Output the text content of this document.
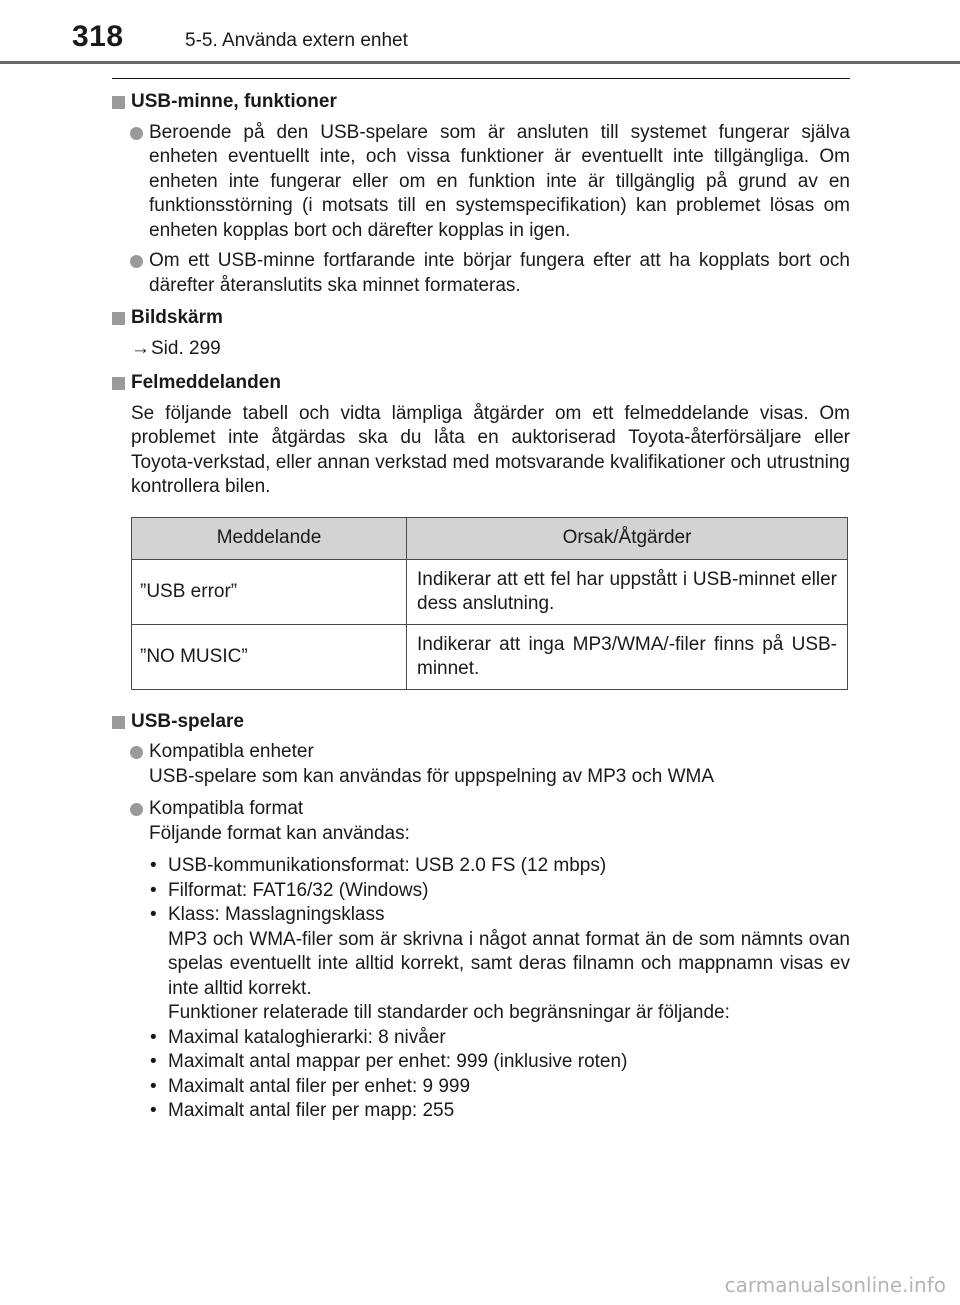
318	5-5. Använda extern enhet
USB-minne, funktioner
Beroende på den USB-spelare som är ansluten till systemet fungerar själva enheten eventuellt inte, och vissa funktioner är eventuellt inte tillgängliga. Om enheten inte fungerar eller om en funktion inte är tillgänglig på grund av en funktionsstörning (i motsats till en systemspecifikation) kan problemet lösas om enheten kopplas bort och därefter kopplas in igen.
Om ett USB-minne fortfarande inte börjar fungera efter att ha kopplats bort och därefter återanslutits ska minnet formateras.
Bildskärm
→Sid. 299
Felmeddelanden
Se följande tabell och vidta lämpliga åtgärder om ett felmeddelande visas. Om problemet inte åtgärdas ska du låta en auktoriserad Toyota-återförsäljare eller Toyota-verkstad, eller annan verkstad med motsvarande kvalifikationer och utrustning kontrollera bilen.
Meddelande	Orsak/Åtgärder
”USB error”	Indikerar att ett fel har uppstått i USB-minnet eller dess anslutning.
”NO MUSIC”	Indikerar att inga MP3/WMA/-filer finns på USB-minnet.
USB-spelare
Kompatibla enheter
USB-spelare som kan användas för uppspelning av MP3 och WMA
Kompatibla format
Följande format kan användas:
• USB-kommunikationsformat: USB 2.0 FS (12 mbps)
• Filformat: FAT16/32 (Windows)
• Klass: Masslagningsklass
MP3 och WMA-filer som är skrivna i något annat format än de som nämnts ovan spelas eventuellt inte alltid korrekt, samt deras filnamn och mappnamn visas ev inte alltid korrekt.
Funktioner relaterade till standarder och begränsningar är följande:
• Maximal kataloghierarki: 8 nivåer
• Maximalt antal mappar per enhet: 999 (inklusive roten)
• Maximalt antal filer per enhet: 9 999
• Maximalt antal filer per mapp: 255
carmanualsonline.info
